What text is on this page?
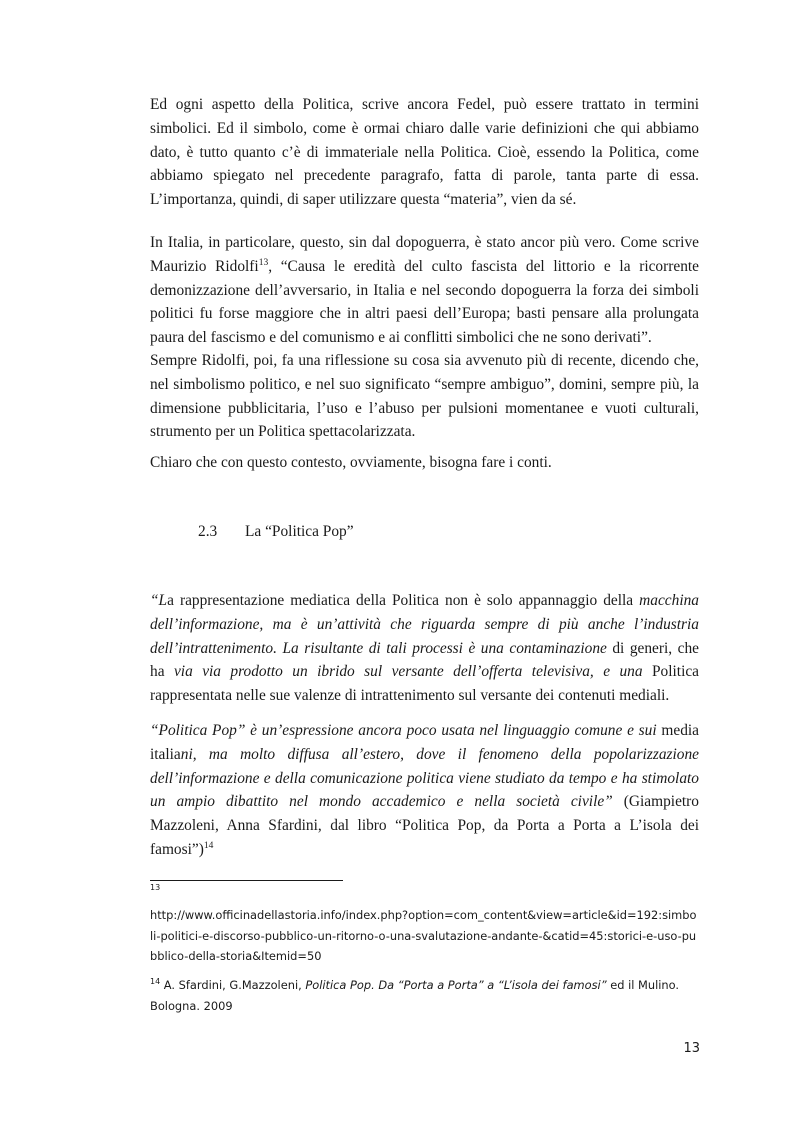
Ed ogni aspetto della Politica, scrive ancora Fedel, può essere trattato in termini simbolici. Ed il simbolo, come è ormai chiaro dalle varie definizioni che qui abbiamo dato, è tutto quanto c’è di immateriale nella Politica. Cioè, essendo la Politica, come abbiamo spiegato nel precedente paragrafo, fatta di parole, tanta parte di essa. L’importanza, quindi, di saper utilizzare questa “materia”, vien da sé.

In Italia, in particolare, questo, sin dal dopoguerra, è stato ancor più vero. Come scrive Maurizio Ridolfi$^{13}$, “Causa le eredità del culto fascista del littorio e la ricorrente demonizzazione dell’avversario, in Italia e nel secondo dopoguerra la forza dei simboli politici fu forse maggiore che in altri paesi dell’Europa; basti pensare alla prolungata paura del fascismo e del comunismo e ai conflitti simbolici che ne sono derivati”.

Sempre Ridolfi, poi, fa una riflessione su cosa sia avvenuto più di recente, dicendo che, nel simbolismo politico, e nel suo significato “sempre ambiguo”, domini, sempre più, la dimensione pubblicitaria, l’uso e l’abuso per pulsioni momentanee e vuoti culturali, strumento per un Politica spettacolarizzata.

Chiaro che con questo contesto, ovviamente, bisogna fare i conti.

2.3 La “Politica Pop”

“La rappresentazione mediatica della Politica non è solo appannaggio della macchina dell’informazione, ma è un’attività che riguarda sempre di più anche l’industria dell’intrattenimento. La risultante di tali processi è una contaminazione di generi, che ha via via prodotto un ibrido sul versante dell’offerta televisiva, e una Politica rappresentata nelle sue valenze di intrattenimento sul versante dei contenuti mediali.

“Politica Pop” è un’espressione ancora poco usata nel linguaggio comune e sui media italiani, ma molto diffusa all’estero, dove il fenomeno della popolarizzazione dell’informazione e della comunicazione politica viene studiato da tempo e ha stimolato un ampio dibattito nel mondo accademico e nella società civile” (Giampietro Mazzoleni, Anna Sfardini, dal libro “Politica Pop, da Porta a Porta a L’isola dei famosi”)$^{14}$

13

http://www.officinadellastoria.info/index.php?option=com_content&view=article&id=192:simboli-politici-e-discorso-pubblico-un-ritorno-o-una-svalutazione-andante-&catid=45:storici-e-uso-pubblico-della-storia&Itemid=50

$^{14}$ A. Sfardini, G.Mazzoleni, Politica Pop. Da “Porta a Porta” a “L’isola dei famosi” ed il Mulino. Bologna. 2009

13
